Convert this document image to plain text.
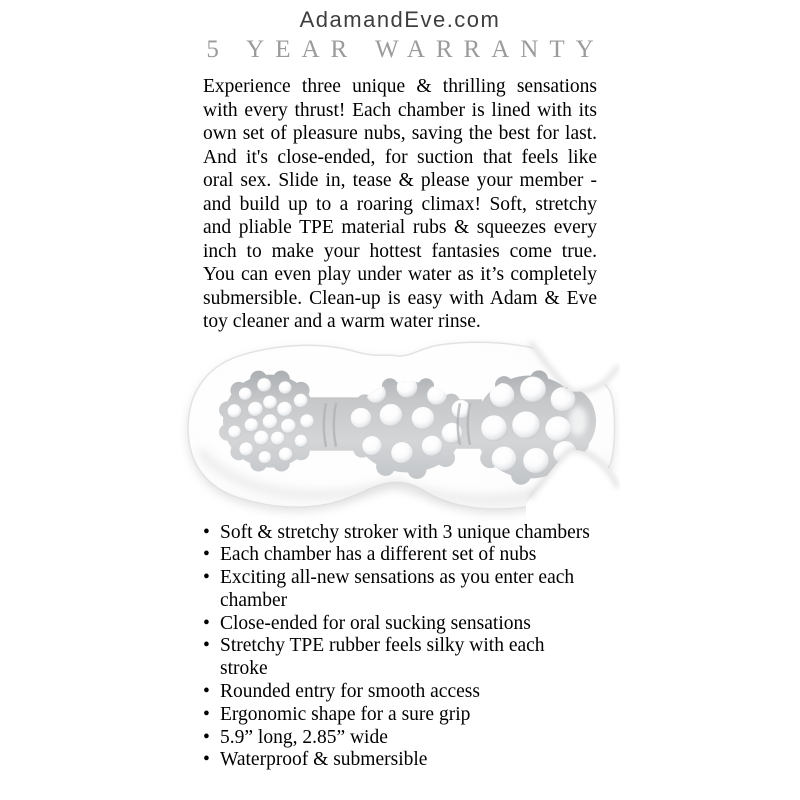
AdamandEve.com
5 YEAR WARRANTY

Experience three unique & thrilling sensations with every thrust! Each chamber is lined with its own set of pleasure nubs, saving the best for last. And it's close-ended, for suction that feels like oral sex. Slide in, tease & please your member - and build up to a roaring climax! Soft, stretchy and pliable TPE material rubs & squeezes every inch to make your hottest fantasies come true. You can even play under water as it’s completely submersible. Clean-up is easy with Adam & Eve toy cleaner and a warm water rinse.

• Soft & stretchy stroker with 3 unique chambers
• Each chamber has a different set of nubs
• Exciting all-new sensations as you enter each chamber
• Close-ended for oral sucking sensations
• Stretchy TPE rubber feels silky with each stroke
• Rounded entry for smooth access
• Ergonomic shape for a sure grip
• 5.9” long, 2.85” wide
• Waterproof & submersible
